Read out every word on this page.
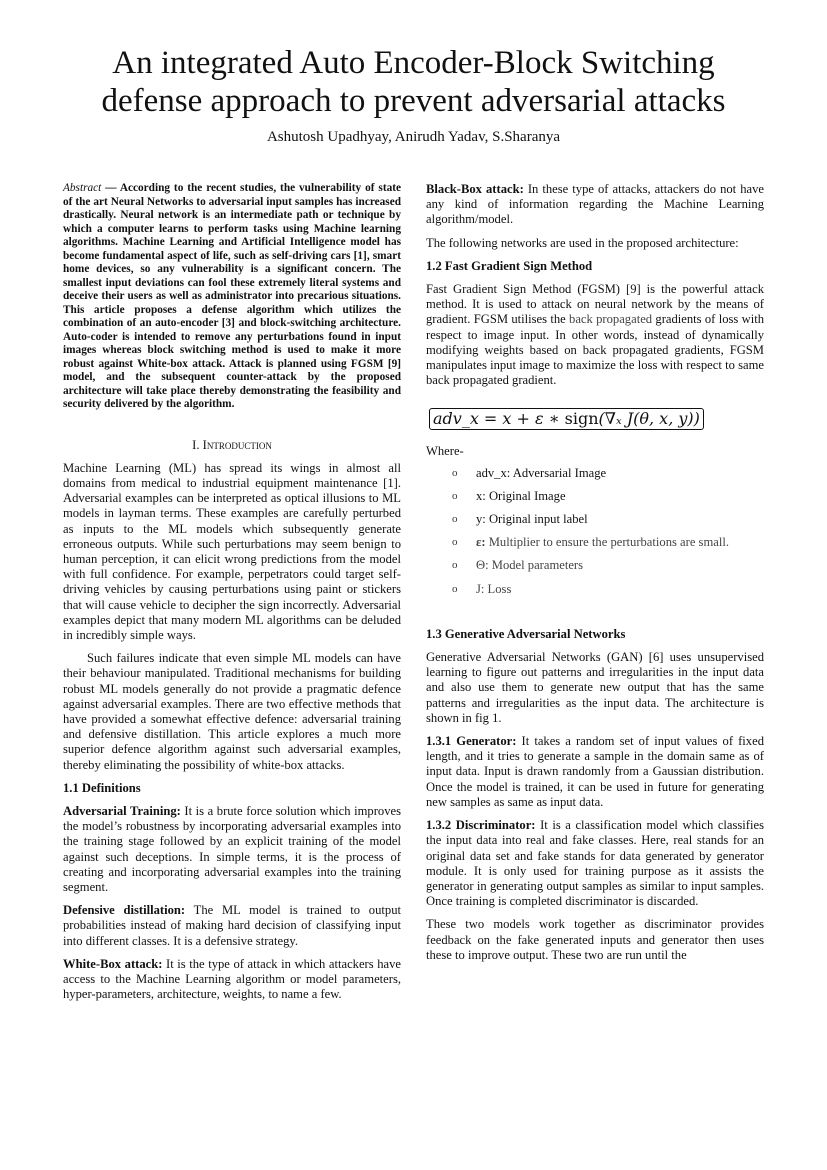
An integrated Auto Encoder-Block Switching
defense approach to prevent adversarial attacks
Ashutosh Upadhyay, Anirudh Yadav, S.Sharanya

Abstract — According to the recent studies, the vulnerability of state of the art Neural Networks to adversarial input samples has increased drastically. Neural network is an intermediate path or technique by which a computer learns to perform tasks using Machine learning algorithms. Machine Learning and Artificial Intelligence model has become fundamental aspect of life, such as self-driving cars [1], smart home devices, so any vulnerability is a significant concern. The smallest input deviations can fool these extremely literal systems and deceive their users as well as administrator into precarious situations. This article proposes a defense algorithm which utilizes the combination of an auto-encoder [3] and block-switching architecture. Auto-coder is intended to remove any perturbations found in input images whereas block switching method is used to make it more robust against White-box attack. Attack is planned using FGSM [9] model, and the subsequent counter-attack by the proposed architecture will take place thereby demonstrating the feasibility and security delivered by the algorithm.

I. Introduction

Machine Learning (ML) has spread its wings in almost all domains from medical to industrial equipment maintenance [1]. Adversarial examples can be interpreted as optical illusions to ML models in layman terms. These examples are carefully perturbed as inputs to the ML models which subsequently generate erroneous outputs. While such perturbations may seem benign to human perception, it can elicit wrong predictions from the model with full confidence. For example, perpetrators could target self-driving vehicles by causing perturbations using paint or stickers that will cause vehicle to decipher the sign incorrectly. Adversarial examples depict that many modern ML algorithms can be deluded in incredibly simple ways.

Such failures indicate that even simple ML models can have their behaviour manipulated. Traditional mechanisms for building robust ML models generally do not provide a pragmatic defence against adversarial examples. There are two effective methods that have provided a somewhat effective defence: adversarial training and defensive distillation. This article explores a much more superior defence algorithm against such adversarial examples, thereby eliminating the possibility of white-box attacks.

1.1 Definitions

Adversarial Training: It is a brute force solution which improves the model’s robustness by incorporating adversarial examples into the training stage followed by an explicit training of the model against such deceptions. In simple terms, it is the process of creating and incorporating adversarial examples into the training segment.

Defensive distillation: The ML model is trained to output probabilities instead of making hard decision of classifying input into different classes. It is a defensive strategy.

White-Box attack: It is the type of attack in which attackers have access to the Machine Learning algorithm or model parameters, hyper-parameters, architecture, weights, to name a few.

Black-Box attack: In these type of attacks, attackers do not have any kind of information regarding the Machine Learning algorithm/model.

The following networks are used in the proposed architecture:

1.2 Fast Gradient Sign Method

Fast Gradient Sign Method (FGSM) [9] is the powerful attack method. It is used to attack on neural network by the means of gradient. FGSM utilises the back propagated gradients of loss with respect to image input. In other words, instead of dynamically modifying weights based on back propagated gradients, FGSM manipulates input image to maximize the loss with respect to same back propagated gradient.

adv_x = x + ε ∗ sign(∇ₓ J(θ, x, y))
Where-
o adv_x: Adversarial Image
o x: Original Image
o y: Original input label
o ε: Multiplier to ensure the perturbations are small.
o Θ: Model parameters
o J: Loss
1.3 Generative Adversarial Networks

Generative Adversarial Networks (GAN) [6] uses unsupervised learning to figure out patterns and irregularities in the input data and also use them to generate new output that has the same patterns and irregularities as the input data. The architecture is shown in fig 1.

1.3.1 Generator: It takes a random set of input values of fixed length, and it tries to generate a sample in the domain same as of input data. Input is drawn randomly from a Gaussian distribution. Once the model is trained, it can be used in future for generating new samples as same as input data.

1.3.2 Discriminator: It is a classification model which classifies the input data into real and fake classes. Here, real stands for an original data set and fake stands for data generated by generator module. It is only used for training purpose as it assists the generator in generating output samples as similar to input samples. Once training is completed discriminator is discarded.

These two models work together as discriminator provides feedback on the fake generated inputs and generator then uses these to improve output. These two are run until the
